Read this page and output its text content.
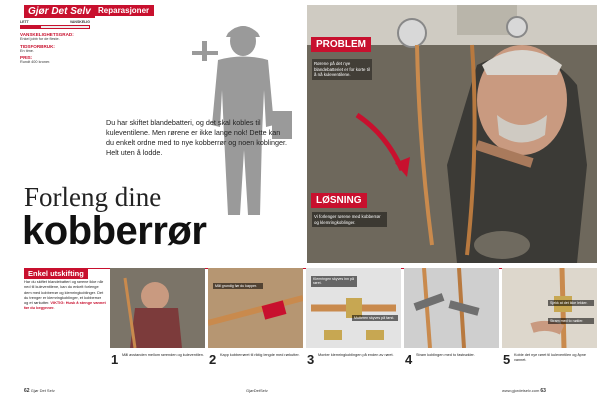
Gjør Det Selv Reparasjoner
LETT	VANSKELIG
VANSKELIGHETSGRAD:
Enkel jobb for de fleste.
TIDSFORBRUK:
En time.
PRIS:
Rundt 400 kroner.
Du har skiftet blandebatteri, og det skal kobles til kuleventilene. Men rørene er ikke lange nok! Dette kan du enkelt ordne med to nye kobberrør og noen koblinger. Helt uten å lodde.
Forleng dine
kobberrør
PROBLEM
Rørene på det nye blandebatteriet er for korte til å nå kuleventilene.
LØSNING
Vi forlenger rørene med kobberrør og klemringkoblinger.
Enkel utskifting
Har du skiftet blandebatteri og rørene ikke når ned til kuleventilene, kan du enkelt forlenge dem med kobberrør og klemringkoblinger. Det du trenger er klemringkoblinger, et kobberrør og et rørkutter. VIKTIG: Husk å stenge vannet før du begynner.
Mål grundig før du kapper.
Klemringen skyves inn på røret.
Mutteren skyves på først.
Sjekk at det ikke lekker.
Stram med to nøkler.
1 Mål avstanden mellom rørenden og kuleventilen. 2 Kapp kobberrøret til riktig lengde med rørkutter. 3 Monter klemringkoblingen på enden av røret. 4 Stram koblingen med to fastnøkler.	5 Koble det nye røret til kuleventilen og åpne vannet.
62 Gjør Det Selv	GjørDetSelv	www.gjordetselv.com 63
